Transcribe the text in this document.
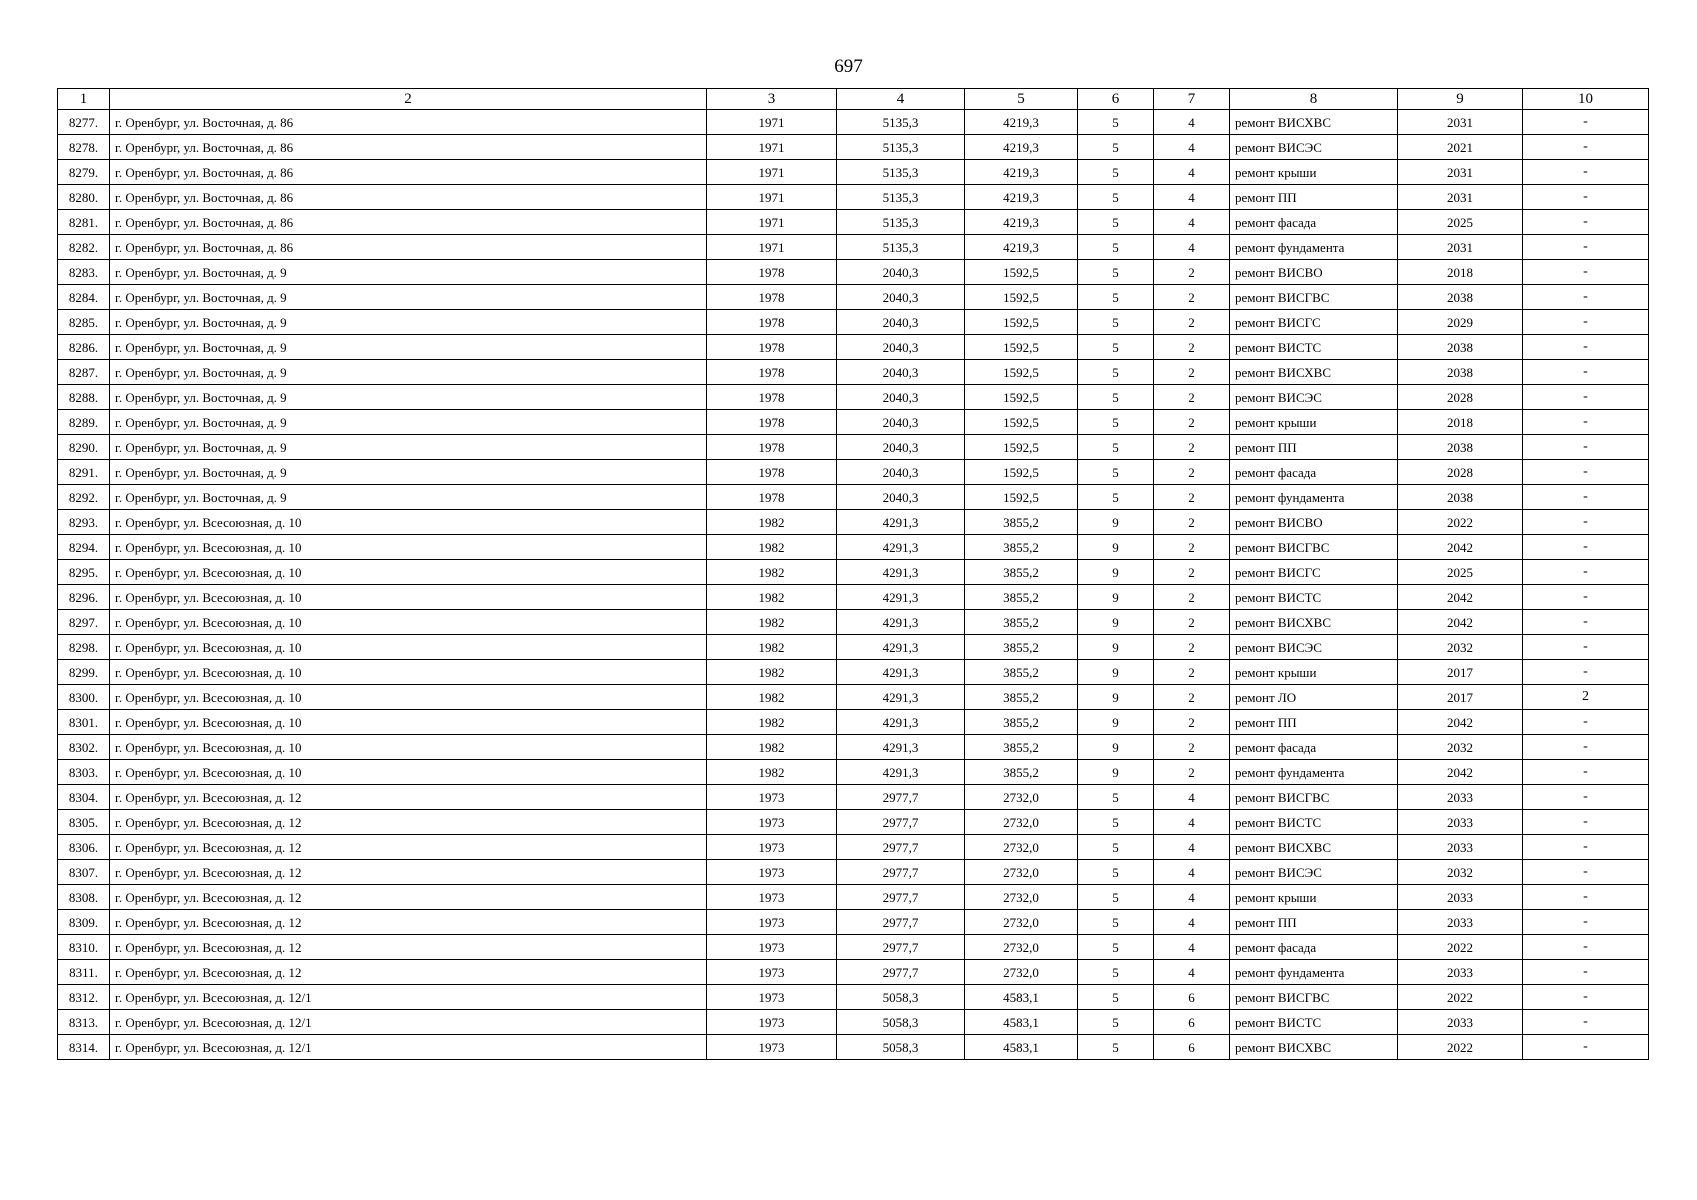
697
1	2	3	4	5	6	7	8	9	10
8277.	г. Оренбург, ул. Восточная, д. 86	1971	5135,3	4219,3	5	4	ремонт ВИСХВС	2031	-
8278.	г. Оренбург, ул. Восточная, д. 86	1971	5135,3	4219,3	5	4	ремонт ВИСЭС	2021	-
8279.	г. Оренбург, ул. Восточная, д. 86	1971	5135,3	4219,3	5	4	ремонт крыши	2031	-
8280.	г. Оренбург, ул. Восточная, д. 86	1971	5135,3	4219,3	5	4	ремонт ПП	2031	-
8281.	г. Оренбург, ул. Восточная, д. 86	1971	5135,3	4219,3	5	4	ремонт фасада	2025	-
8282.	г. Оренбург, ул. Восточная, д. 86	1971	5135,3	4219,3	5	4	ремонт фундамента	2031	-
8283.	г. Оренбург, ул. Восточная, д. 9	1978	2040,3	1592,5	5	2	ремонт ВИСВО	2018	-
8284.	г. Оренбург, ул. Восточная, д. 9	1978	2040,3	1592,5	5	2	ремонт ВИСГВС	2038	-
8285.	г. Оренбург, ул. Восточная, д. 9	1978	2040,3	1592,5	5	2	ремонт ВИСГС	2029	-
8286.	г. Оренбург, ул. Восточная, д. 9	1978	2040,3	1592,5	5	2	ремонт ВИСТС	2038	-
8287.	г. Оренбург, ул. Восточная, д. 9	1978	2040,3	1592,5	5	2	ремонт ВИСХВС	2038	-
8288.	г. Оренбург, ул. Восточная, д. 9	1978	2040,3	1592,5	5	2	ремонт ВИСЭС	2028	-
8289.	г. Оренбург, ул. Восточная, д. 9	1978	2040,3	1592,5	5	2	ремонт крыши	2018	-
8290.	г. Оренбург, ул. Восточная, д. 9	1978	2040,3	1592,5	5	2	ремонт ПП	2038	-
8291.	г. Оренбург, ул. Восточная, д. 9	1978	2040,3	1592,5	5	2	ремонт фасада	2028	-
8292.	г. Оренбург, ул. Восточная, д. 9	1978	2040,3	1592,5	5	2	ремонт фундамента	2038	-
8293.	г. Оренбург, ул. Всесоюзная, д. 10	1982	4291,3	3855,2	9	2	ремонт ВИСВО	2022	-
8294.	г. Оренбург, ул. Всесоюзная, д. 10	1982	4291,3	3855,2	9	2	ремонт ВИСГВС	2042	-
8295.	г. Оренбург, ул. Всесоюзная, д. 10	1982	4291,3	3855,2	9	2	ремонт ВИСГС	2025	-
8296.	г. Оренбург, ул. Всесоюзная, д. 10	1982	4291,3	3855,2	9	2	ремонт ВИСТС	2042	-
8297.	г. Оренбург, ул. Всесоюзная, д. 10	1982	4291,3	3855,2	9	2	ремонт ВИСХВС	2042	-
8298.	г. Оренбург, ул. Всесоюзная, д. 10	1982	4291,3	3855,2	9	2	ремонт ВИСЭС	2032	-
8299.	г. Оренбург, ул. Всесоюзная, д. 10	1982	4291,3	3855,2	9	2	ремонт крыши	2017	-
8300.	г. Оренбург, ул. Всесоюзная, д. 10	1982	4291,3	3855,2	9	2	ремонт ЛО	2017	2
8301.	г. Оренбург, ул. Всесоюзная, д. 10	1982	4291,3	3855,2	9	2	ремонт ПП	2042	-
8302.	г. Оренбург, ул. Всесоюзная, д. 10	1982	4291,3	3855,2	9	2	ремонт фасада	2032	-
8303.	г. Оренбург, ул. Всесоюзная, д. 10	1982	4291,3	3855,2	9	2	ремонт фундамента	2042	-
8304.	г. Оренбург, ул. Всесоюзная, д. 12	1973	2977,7	2732,0	5	4	ремонт ВИСГВС	2033	-
8305.	г. Оренбург, ул. Всесоюзная, д. 12	1973	2977,7	2732,0	5	4	ремонт ВИСТС	2033	-
8306.	г. Оренбург, ул. Всесоюзная, д. 12	1973	2977,7	2732,0	5	4	ремонт ВИСХВС	2033	-
8307.	г. Оренбург, ул. Всесоюзная, д. 12	1973	2977,7	2732,0	5	4	ремонт ВИСЭС	2032	-
8308.	г. Оренбург, ул. Всесоюзная, д. 12	1973	2977,7	2732,0	5	4	ремонт крыши	2033	-
8309.	г. Оренбург, ул. Всесоюзная, д. 12	1973	2977,7	2732,0	5	4	ремонт ПП	2033	-
8310.	г. Оренбург, ул. Всесоюзная, д. 12	1973	2977,7	2732,0	5	4	ремонт фасада	2022	-
8311.	г. Оренбург, ул. Всесоюзная, д. 12	1973	2977,7	2732,0	5	4	ремонт фундамента	2033	-
8312.	г. Оренбург, ул. Всесоюзная, д. 12/1	1973	5058,3	4583,1	5	6	ремонт ВИСГВС	2022	-
8313.	г. Оренбург, ул. Всесоюзная, д. 12/1	1973	5058,3	4583,1	5	6	ремонт ВИСТС	2033	-
8314.	г. Оренбург, ул. Всесоюзная, д. 12/1	1973	5058,3	4583,1	5	6	ремонт ВИСХВС	2022	-
